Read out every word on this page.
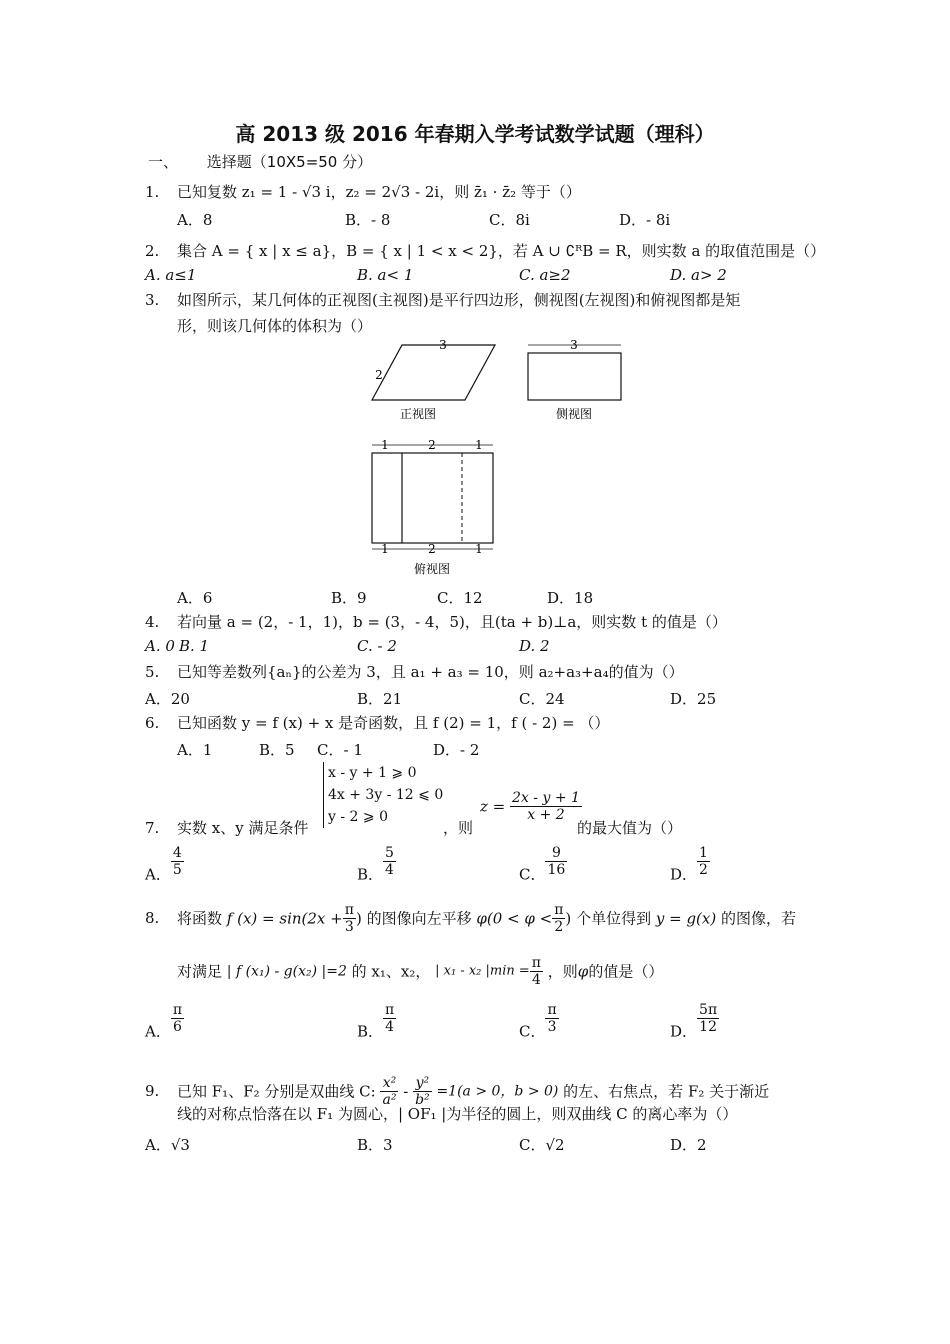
高 2013 级 2016 年春期入学考试数学试题（理科）
一、 选择题（10X5=50 分）
1. 已知复数 z₁ = 1 - √3 i，z₂ = 2√3 - 2i，则 z̄₁ · z̄₂ 等于（）
A．8	B．- 8	C．8i	D．- 8i
2. 集合 A = { x | x ≤ a}，B = { x | 1 < x < 2}，若 A ∪ ∁ᴿB = R，则实数 a 的取值范围是（）
A. a≤1	B. a< 1	C. a≥2	D. a> 2
3. 如图所示，某几何体的正视图(主视图)是平行四边形，侧视图(左视图)和俯视图都是矩
形，则该几何体的体积为（）
3
2
正视图
3
侧视图
1	2	1
1	2	1
俯视图
A．6	B．9	C．12	D．18
4. 若向量 a = (2，- 1，1)，b = (3，- 4，5)，且(ta + b)⊥a，则实数 t 的值是（）
A. 0 B. 1	C. - 2	D. 2
5. 已知等差数列{aₙ}的公差为 3，且 a₁ + a₃ = 10，则 a₂+a₃+a₄的值为（）
A．20	B．21	C．24	D．25
6. 已知函数 y = f (x) + x 是奇函数，且 f (2) = 1，f ( - 2) = （）
A．1	B．5 C．- 1	D．- 2
x - y + 1 ⩾ 0
4x + 3y - 12 ⩽ 0
y - 2 ⩾ 0
7. 实数 x、y 满足条件	，则
$z = \frac{2x - y + 1}{x + 2}$
的最大值为（）
A． $\frac{4}{5}$	B． $\frac{5}{4}$	C． $\frac{9}{16}$	D． $\frac{1}{2}$
8. 将函数 f $(x) = \sin(2x + \frac{\pi}{3}$ ) 的图像向左平移 $\varphi(0 < \varphi < \frac{\pi}{2}$ ) 个单位得到 y = g(x) 的图像，若
对满足 | f (x₁) - g(x₂) |=2 的 x₁、x₂， | x₁ - x₂ $|\min = \frac{\pi}{4}$ ，则φ的值是（）
A． $\frac{\pi}{6}$	B． $\frac{\pi}{4}$	C． $\frac{\pi}{3}$	D． $\frac{5\pi}{12}$
9. 已知 F₁、F₂ 分别是双曲线 C: $\frac{\text{x²}}{\text{a²}} - \frac{\text{y²}}{\text{b²}} =1(a > 0$，b > 0) 的左、右焦点，若 F₂ 关于渐近
线的对称点恰落在以 F₁ 为圆心，| OF₁ |为半径的圆上，则双曲线 C 的离心率为（）
A．√3	B．3	C．√2	D．2
